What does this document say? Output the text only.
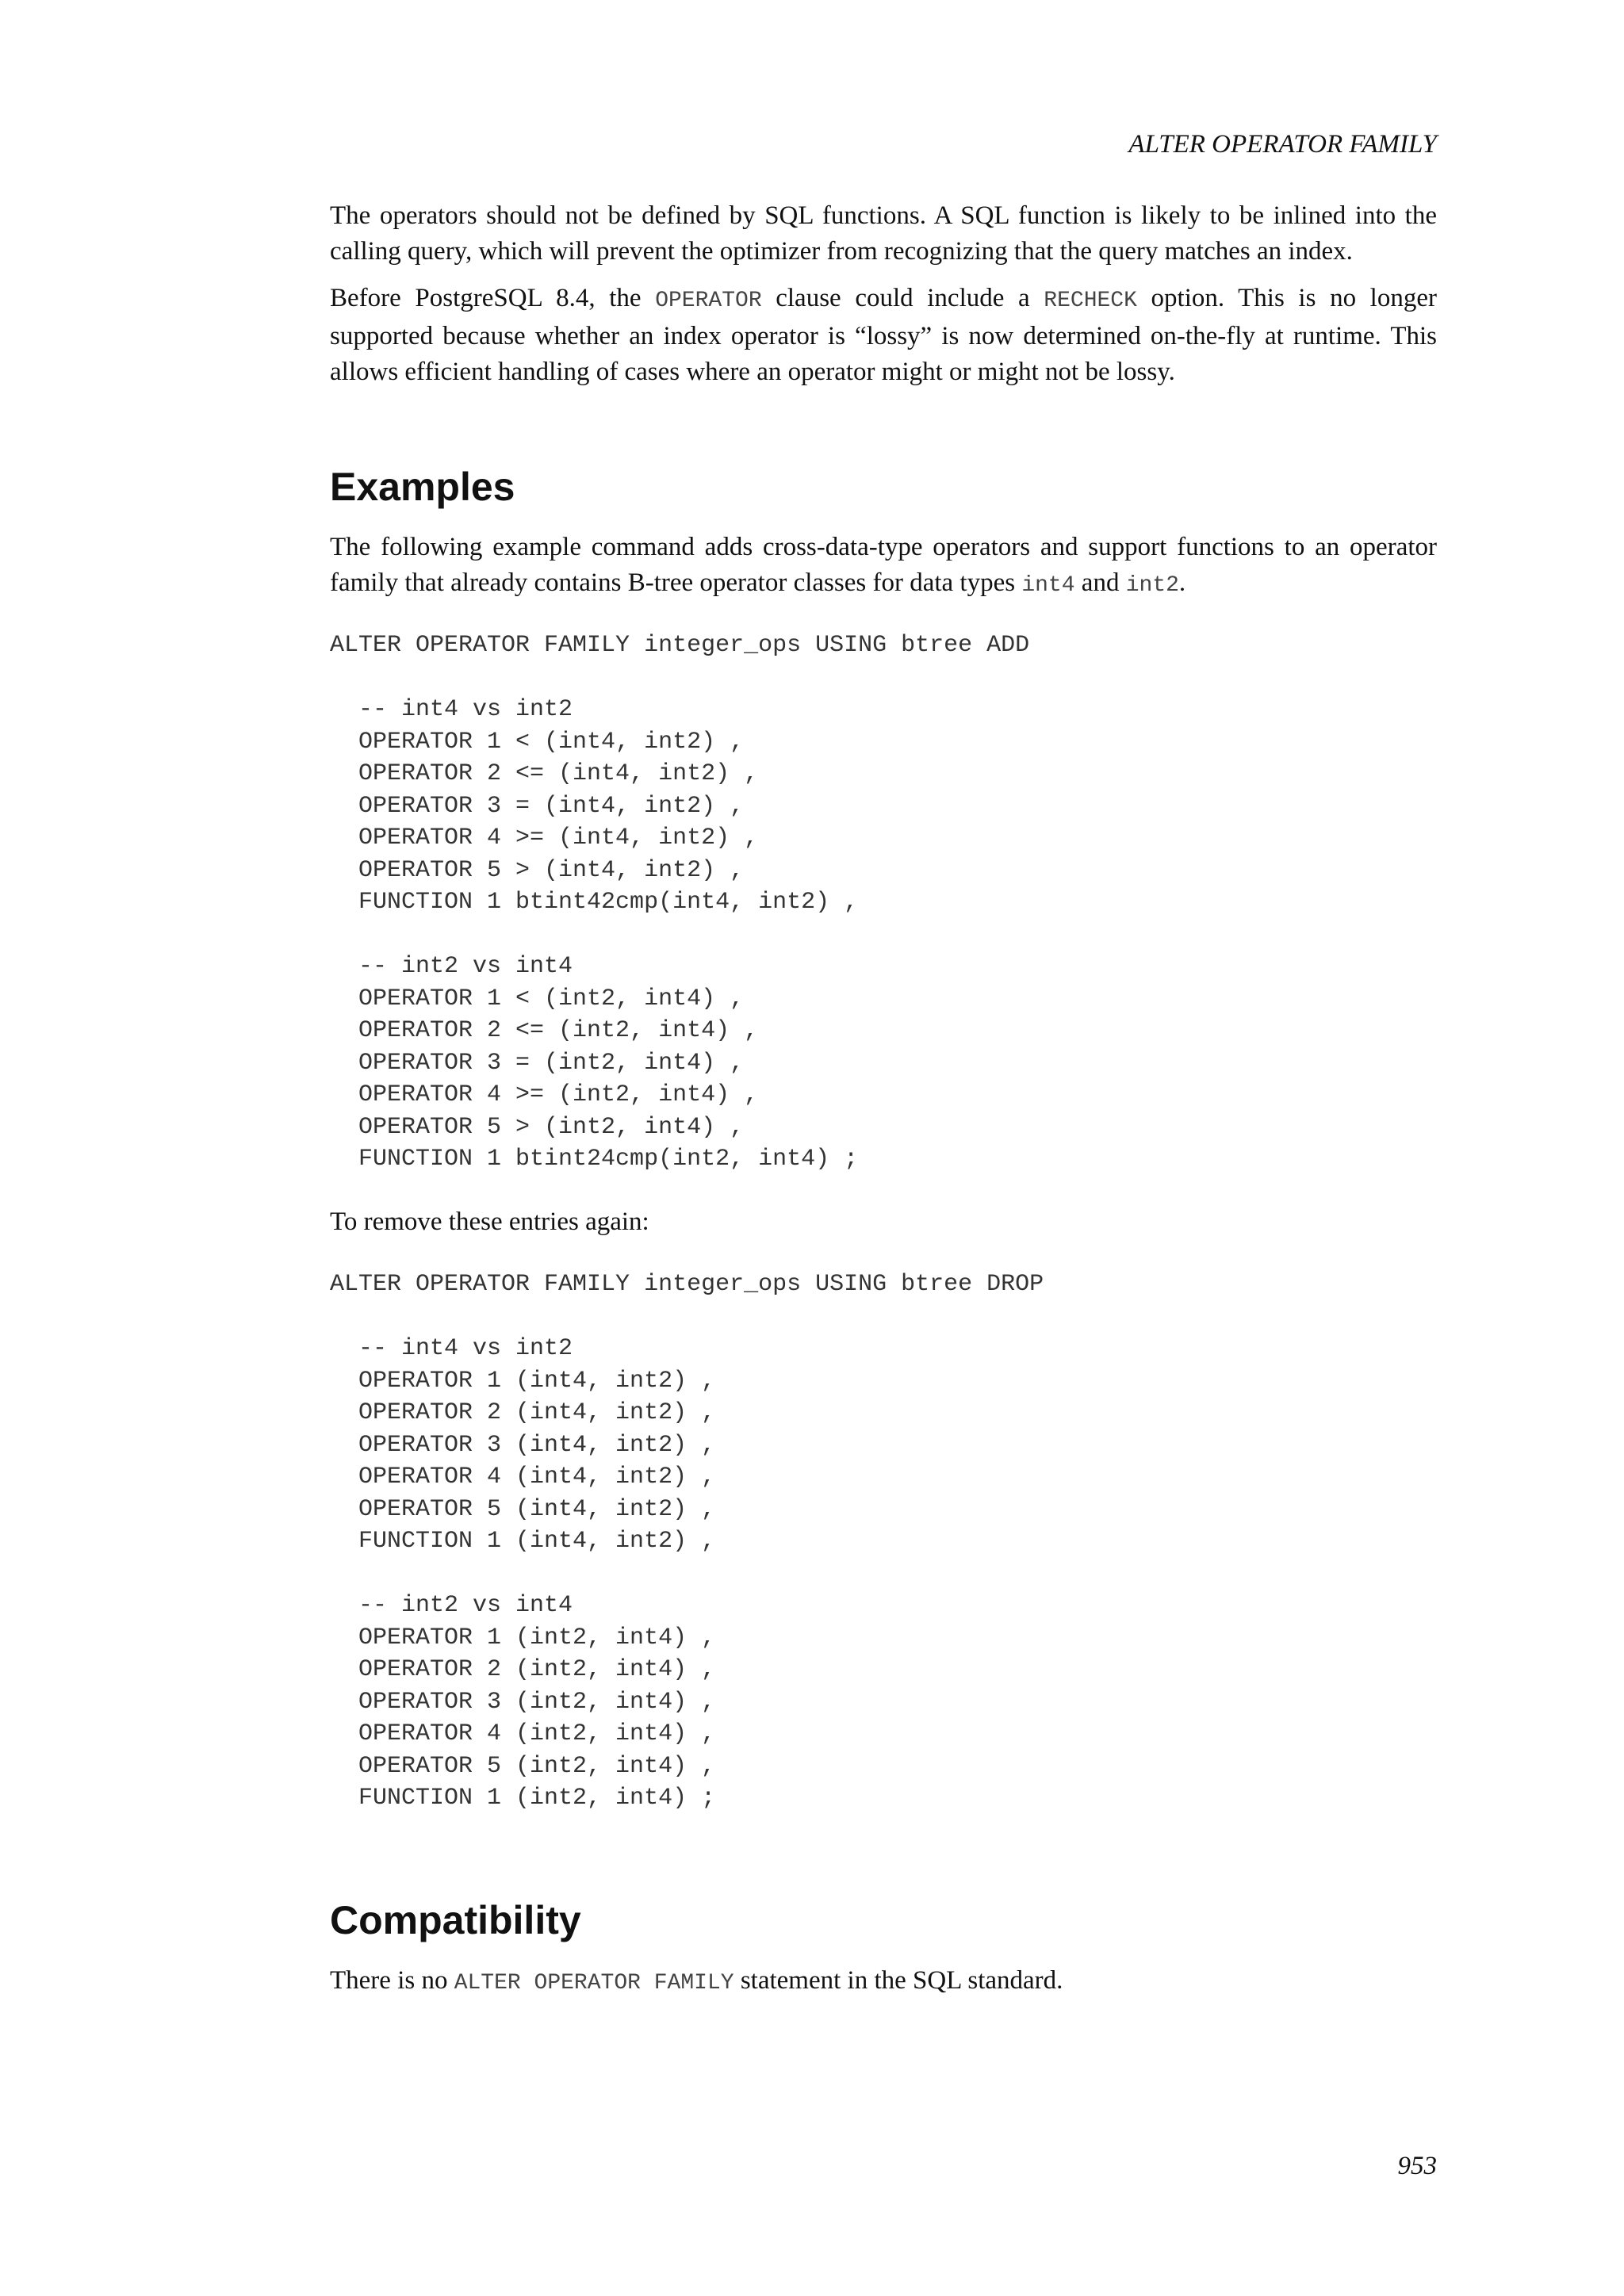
ALTER OPERATOR FAMILY

The operators should not be defined by SQL functions. A SQL function is likely to be inlined into the calling query, which will prevent the optimizer from recognizing that the query matches an index.

Before PostgreSQL 8.4, the OPERATOR clause could include a RECHECK option. This is no longer supported because whether an index operator is “lossy” is now determined on-the-fly at runtime. This allows efficient handling of cases where an operator might or might not be lossy.

Examples

The following example command adds cross-data-type operators and support functions to an operator family that already contains B-tree operator classes for data types int4 and int2.

ALTER OPERATOR FAMILY integer_ops USING btree ADD

-- int4 vs int2
OPERATOR 1 < (int4, int2) ,
OPERATOR 2 <= (int4, int2) ,
OPERATOR 3 = (int4, int2) ,
OPERATOR 4 >= (int4, int2) ,
OPERATOR 5 > (int4, int2) ,
FUNCTION 1 btint42cmp(int4, int2) ,

-- int2 vs int4
OPERATOR 1 < (int2, int4) ,
OPERATOR 2 <= (int2, int4) ,
OPERATOR 3 = (int2, int4) ,
OPERATOR 4 >= (int2, int4) ,
OPERATOR 5 > (int2, int4) ,
FUNCTION 1 btint24cmp(int2, int4) ;

To remove these entries again:

ALTER OPERATOR FAMILY integer_ops USING btree DROP

-- int4 vs int2
OPERATOR 1 (int4, int2) ,
OPERATOR 2 (int4, int2) ,
OPERATOR 3 (int4, int2) ,
OPERATOR 4 (int4, int2) ,
OPERATOR 5 (int4, int2) ,
FUNCTION 1 (int4, int2) ,

-- int2 vs int4
OPERATOR 1 (int2, int4) ,
OPERATOR 2 (int2, int4) ,
OPERATOR 3 (int2, int4) ,
OPERATOR 4 (int2, int4) ,
OPERATOR 5 (int2, int4) ,
FUNCTION 1 (int2, int4) ;
Compatibility

There is no ALTER OPERATOR FAMILY statement in the SQL standard.

953
